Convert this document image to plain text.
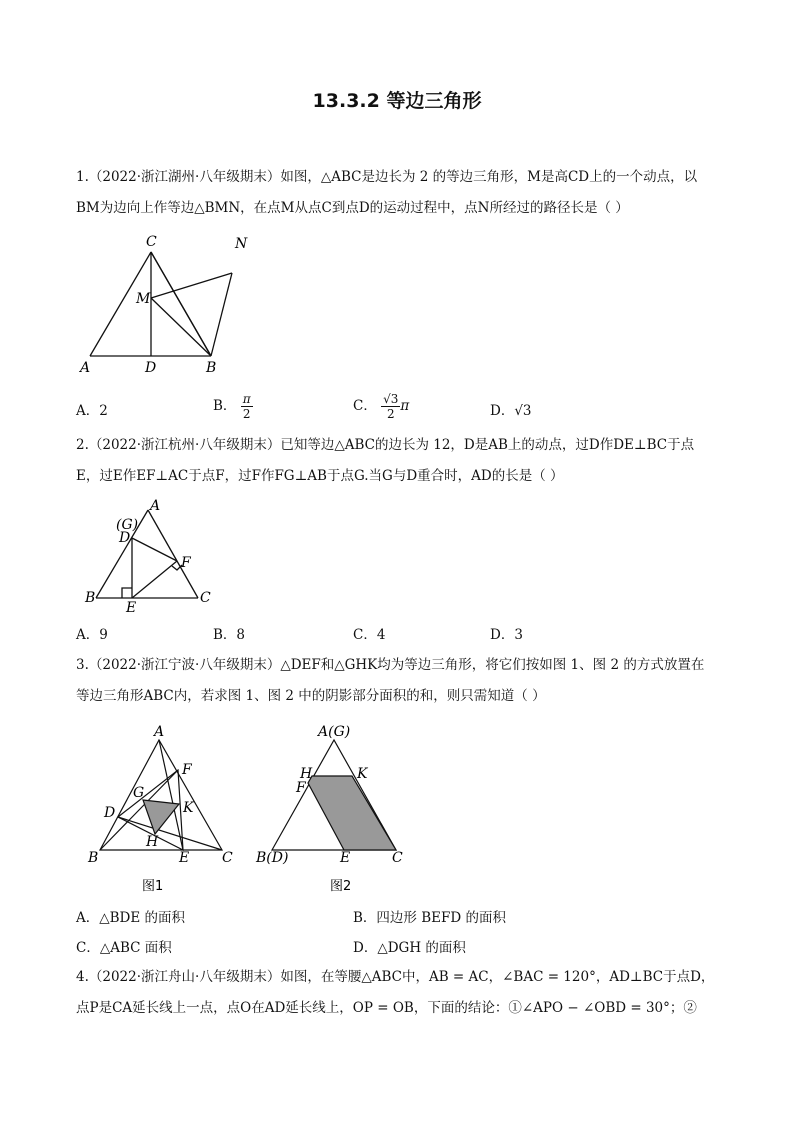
13.3.2 等边三角形
1.（2022·浙江湖州·八年级期末）如图，△ABC是边长为 2 的等边三角形，M是高CD上的一个动点，以
BM为边向上作等边△BMN，在点M从点C到点D的运动过程中，点N所经过的路径长是（ ）
C	N
M
A	D	B
A．2	B． $\frac{\pi}{2}$	C． $\frac{√3}{2}$ π	D．√3
2.（2022·浙江杭州·八年级期末）已知等边△ABC的边长为 12，D是AB上的动点，过D作DE⊥BC于点
E，过E作EF⊥AC于点F，过F作FG⊥AB于点G.当G与D重合时，AD的长是（ ）
(G)
A
D
F
B
E
C
A．9	B．8	C．4	D．3
3.（2022·浙江宁波·八年级期末）△DEF和△GHK均为等边三角形，将它们按如图 1、图 2 的方式放置在
等边三角形ABC内，若求图 1、图 2 中的阴影部分面积的和，则只需知道（ ）
A
F
G
K
D
H
B	E C
图1
A(G)
H	K
F
B(D)	E	C
图2
A．△BDE 的面积	B．四边形 BEFD 的面积
C．△ABC 面积	D．△DGH 的面积
4.（2022·浙江舟山·八年级期末）如图，在等腰△ABC中，AB = AC，∠BAC = 120°，AD⊥BC于点D，
点P是CA延长线上一点，点O在AD延长线上，OP = OB，下面的结论：①∠APO − ∠OBD = 30°；②
